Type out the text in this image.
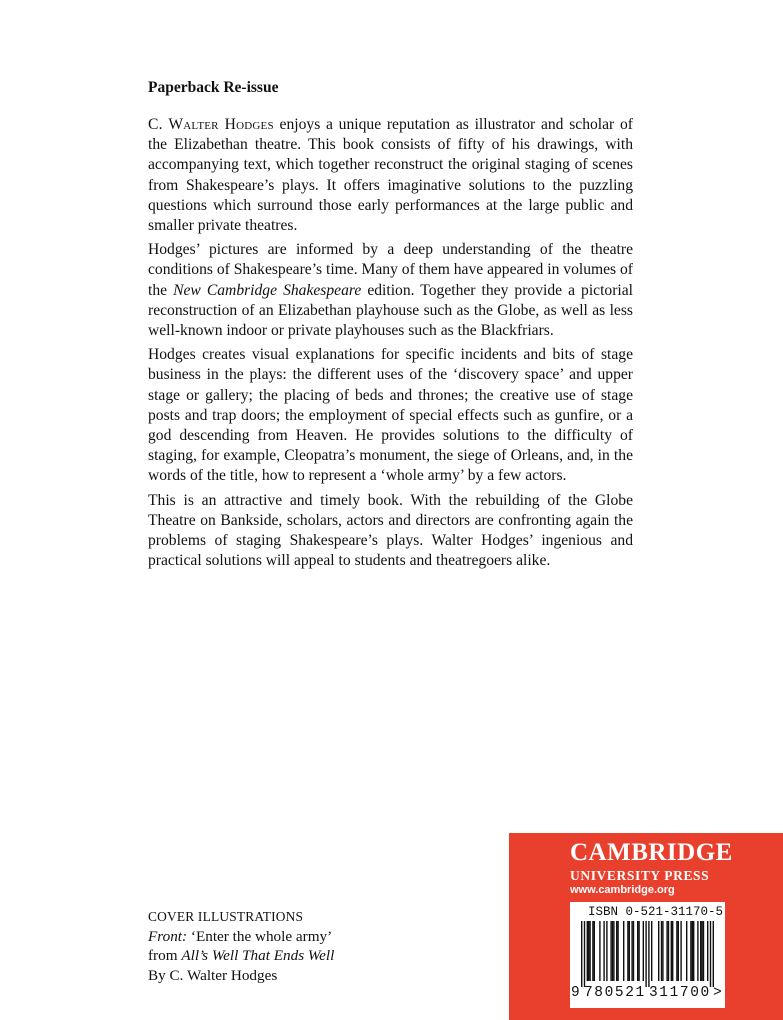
Paperback Re-issue

C. Walter Hodges enjoys a unique reputation as illustrator and scholar of the Elizabethan theatre. This book consists of fifty of his drawings, with accompanying text, which together reconstruct the original staging of scenes from Shakespeare’s plays. It offers imaginative solutions to the puzzling questions which surround those early performances at the large public and smaller private theatres.

Hodges’ pictures are informed by a deep understanding of the theatre conditions of Shakespeare’s time. Many of them have appeared in volumes of the New Cambridge Shakespeare edition. Together they provide a pictorial reconstruction of an Elizabethan playhouse such as the Globe, as well as less well-known indoor or private playhouses such as the Blackfriars.

Hodges creates visual explanations for specific incidents and bits of stage business in the plays: the different uses of the ‘discovery space’ and upper stage or gallery; the placing of beds and thrones; the creative use of stage posts and trap doors; the employment of special effects such as gunfire, or a god descending from Heaven. He provides solutions to the difficulty of staging, for example, Cleopatra’s monument, the siege of Orleans, and, in the words of the title, how to represent a ‘whole army’ by a few actors.

This is an attractive and timely book. With the rebuilding of the Globe Theatre on Bankside, scholars, actors and directors are confronting again the problems of staging Shakespeare’s plays. Walter Hodges’ ingenious and practical solutions will appeal to students and theatregoers alike.

COVER ILLUSTRATIONS
Front: ‘Enter the whole army’
from All’s Well That Ends Well
By C. Walter Hodges
CAMBRIDGE
UNIVERSITY PRESS
www.cambridge.org
ISBN 0-521-31170-5
9 780521 311700 >
